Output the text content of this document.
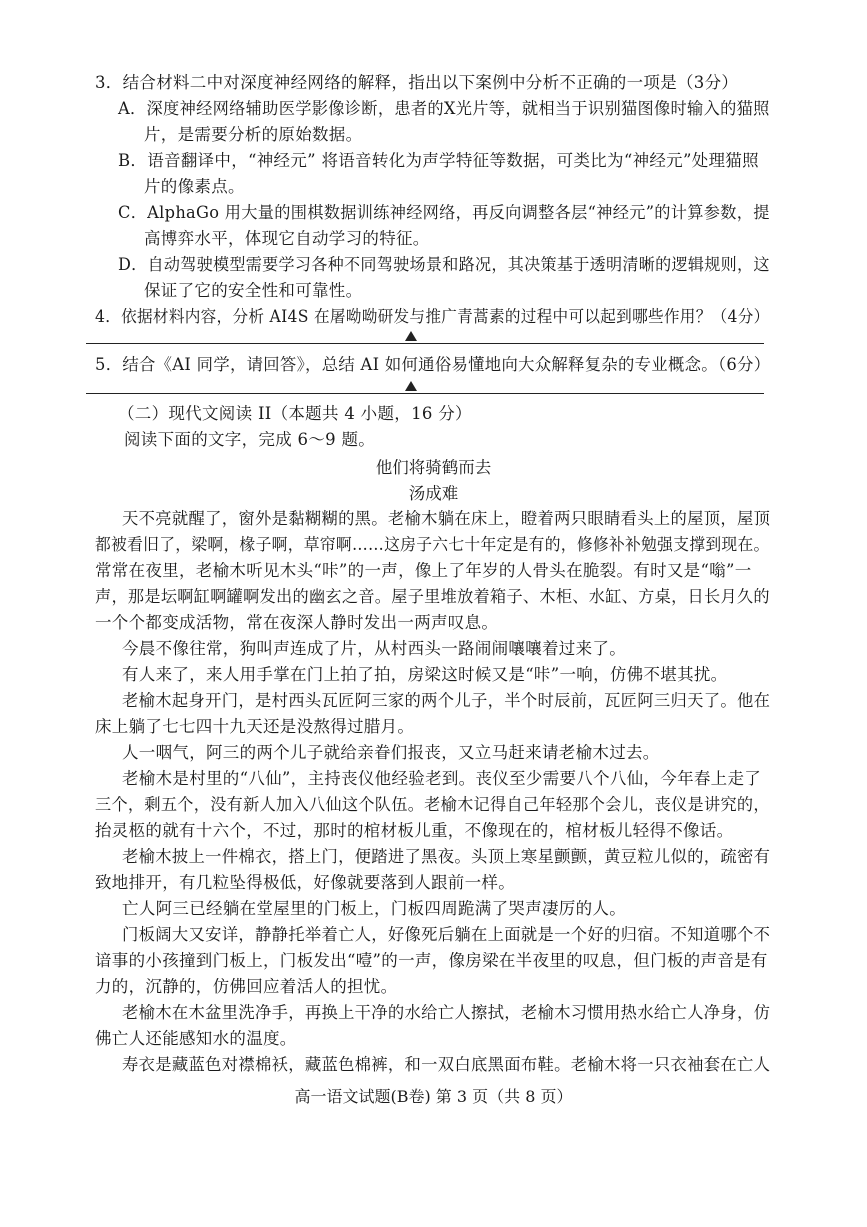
3．结合材料二中对深度神经网络的解释，指出以下案例中分析不正确的一项是（3分）
A．深度神经网络辅助医学影像诊断，患者的X光片等，就相当于识别猫图像时输入的猫照
片，是需要分析的原始数据。
B．语音翻译中，“神经元” 将语音转化为声学特征等数据，可类比为“神经元”处理猫照
片的像素点。
C．AlphaGo 用大量的围棋数据训练神经网络，再反向调整各层“神经元”的计算参数，提
高博弈水平，体现它自动学习的特征。
D．自动驾驶模型需要学习各种不同驾驶场景和路况，其决策基于透明清晰的逻辑规则，这
保证了它的安全性和可靠性。
4．依据材料内容，分析 AI4S 在屠呦呦研发与推广青蒿素的过程中可以起到哪些作用？（4分）
5．结合《AI 同学，请回答》，总结 AI 如何通俗易懂地向大众解释复杂的专业概念。（6分）
（二）现代文阅读 II（本题共 4 小题，16 分）
阅读下面的文字，完成 6～9 题。
他们将骑鹤而去
汤成难
天不亮就醒了，窗外是黏糊糊的黑。老榆木躺在床上，瞪着两只眼睛看头上的屋顶，屋顶
都被看旧了，梁啊，椽子啊，草帘啊……这房子六七十年定是有的，修修补补勉强支撑到现在。
常常在夜里，老榆木听见木头“咔”的一声，像上了年岁的人骨头在脆裂。有时又是“嗡”一
声，那是坛啊缸啊罐啊发出的幽玄之音。屋子里堆放着箱子、木柜、水缸、方桌，日长月久的
一个个都变成活物，常在夜深人静时发出一两声叹息。
今晨不像往常，狗叫声连成了片，从村西头一路闹闹嚷嚷着过来了。
有人来了，来人用手掌在门上拍了拍，房梁这时候又是“咔”一响，仿佛不堪其扰。
老榆木起身开门，是村西头瓦匠阿三家的两个儿子，半个时辰前，瓦匠阿三归天了。他在
床上躺了七七四十九天还是没熬得过腊月。
人一咽气，阿三的两个儿子就给亲眷们报丧，又立马赶来请老榆木过去。
老榆木是村里的“八仙”，主持丧仪他经验老到。丧仪至少需要八个八仙，今年春上走了
三个，剩五个，没有新人加入八仙这个队伍。老榆木记得自己年轻那个会儿，丧仪是讲究的，
抬灵柩的就有十六个，不过，那时的棺材板儿重，不像现在的，棺材板儿轻得不像话。
老榆木披上一件棉衣，搭上门，便踏进了黑夜。头顶上寒星颤颤，黄豆粒儿似的，疏密有
致地排开，有几粒坠得极低，好像就要落到人跟前一样。
亡人阿三已经躺在堂屋里的门板上，门板四周跪满了哭声凄厉的人。
门板阔大又安详，静静托举着亡人，好像死后躺在上面就是一个好的归宿。不知道哪个不
谙事的小孩撞到门板上，门板发出“噎”的一声，像房梁在半夜里的叹息，但门板的声音是有
力的，沉静的，仿佛回应着活人的担忧。
老榆木在木盆里洗净手，再换上干净的水给亡人擦拭，老榆木习惯用热水给亡人净身，仿
佛亡人还能感知水的温度。
寿衣是藏蓝色对襟棉袄，藏蓝色棉裤，和一双白底黑面布鞋。老榆木将一只衣袖套在亡人
高一语文试题(B卷) 第 3 页（共 8 页）
